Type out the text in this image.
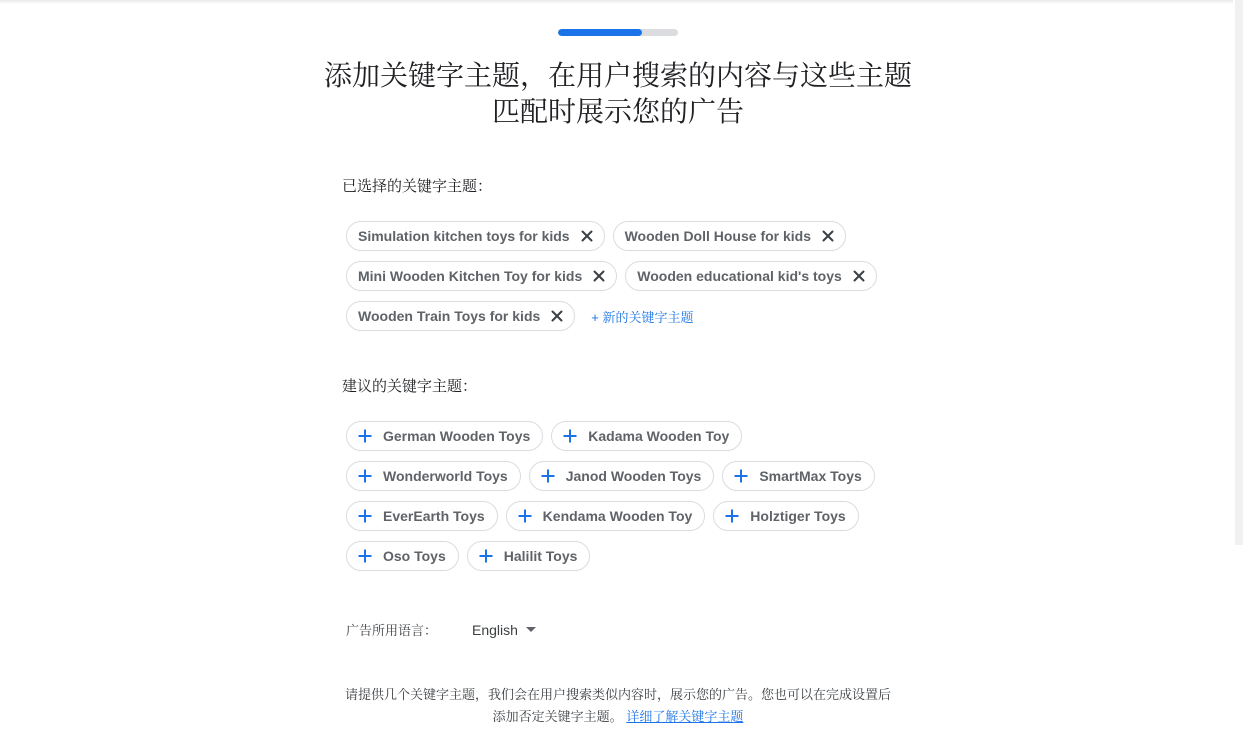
添加关键字主题，在用户搜索的内容与这些主题匹配时展示您的广告
已选择的关键字主题：
Simulation kitchen toys for kids	Wooden Doll House for kids
Mini Wooden Kitchen Toy for kids	Wooden educational kid's toys
Wooden Train Toys for kids	+ 新的关键字主题
建议的关键字主题：
German Wooden Toys	Kadama Wooden Toy
Wonderworld Toys	Janod Wooden Toys	SmartMax Toys
EverEarth Toys	Kendama Wooden Toy	Holztiger Toys
Oso Toys	Halilit Toys
广告所用语言：	English
请提供几个关键字主题，我们会在用户搜索类似内容时，展示您的广告。您也可以在完成设置后添加否定关键字主题。 详细了解关键字主题
